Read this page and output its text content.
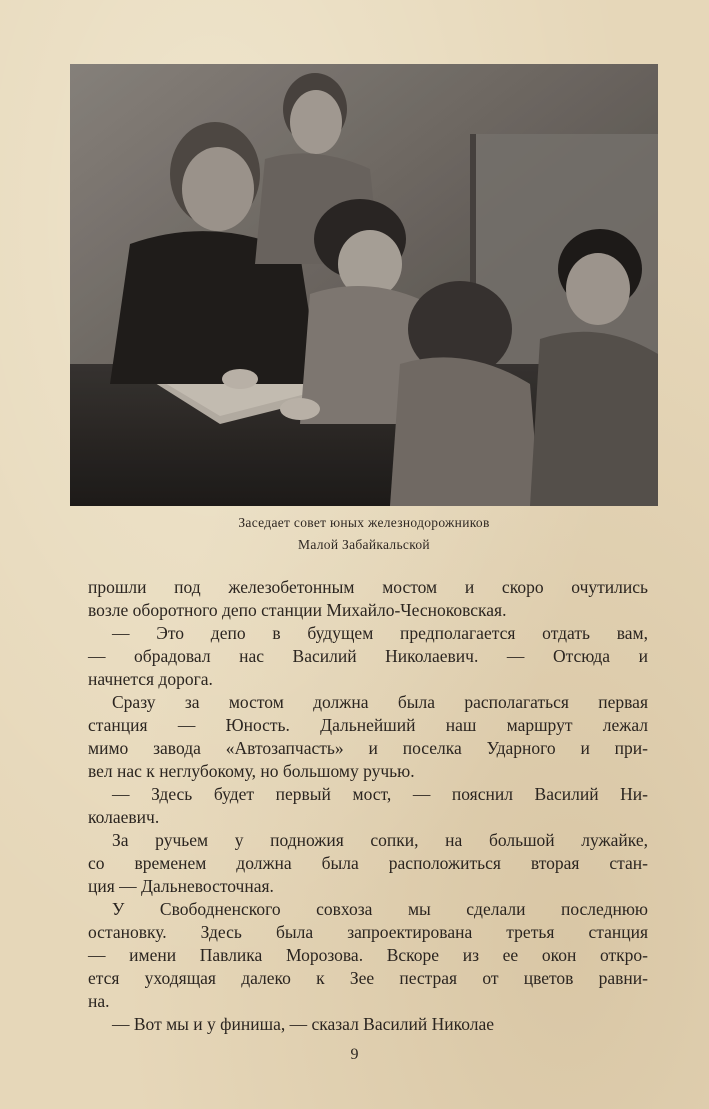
Заседает совет юных железнодорожников
Малой Забайкальской
прошли под железобетонным мостом и скоро очутились
возле оборотного депо станции Михайло-Чесноковская.
— Это депо в будущем предполагается отдать вам,
— обрадовал нас Василий Николаевич. — Отсюда и
начнется дорога.
Сразу за мостом должна была располагаться первая
станция — Юность. Дальнейший наш маршрут лежал
мимо завода «Автозапчасть» и поселка Ударного и при-
вел нас к неглубокому, но большому ручью.
— Здесь будет первый мост, — пояснил Василий Ни-
колаевич.
За ручьем у подножия сопки, на большой лужайке,
со временем должна была расположиться вторая стан-
ция — Дальневосточная.
У Свободненского совхоза мы сделали последнюю
остановку. Здесь была запроектирована третья станция
— имени Павлика Морозова. Вскоре из ее окон откро-
ется уходящая далеко к Зее пестрая от цветов равни-
на.
— Вот мы и у финиша, — сказал Василий Николае
9
